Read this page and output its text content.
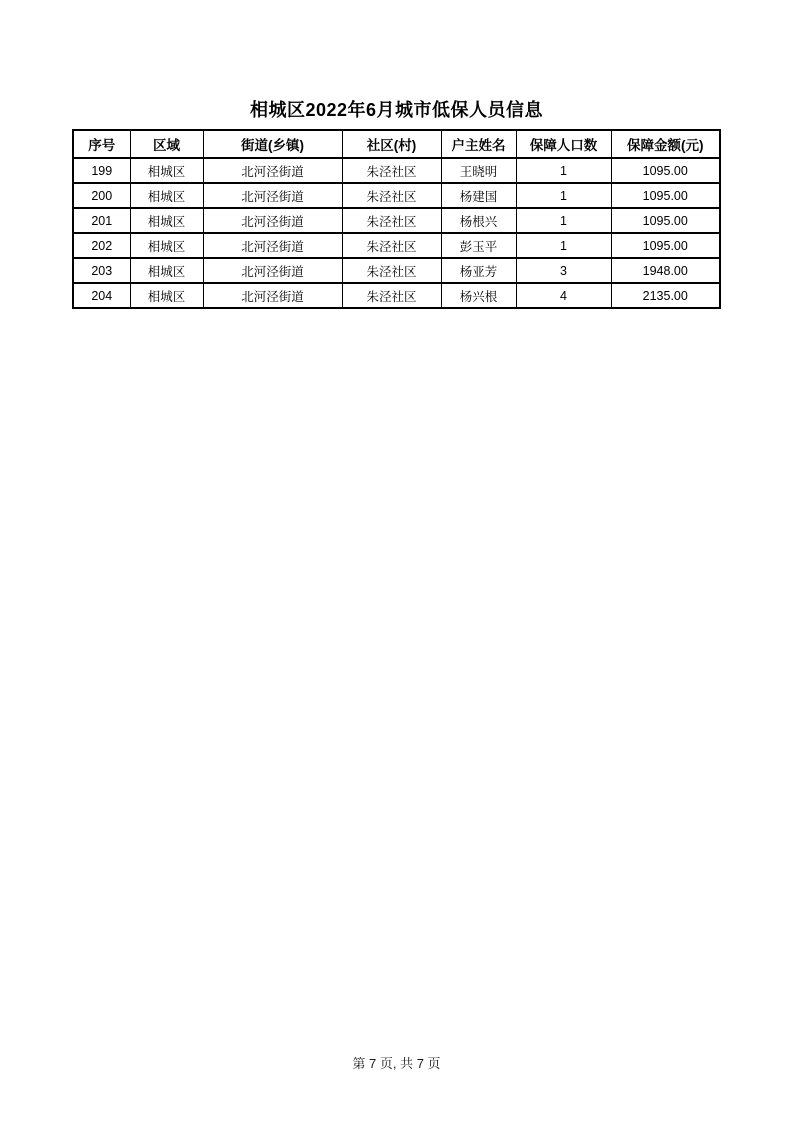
相城区2022年6月城市低保人员信息
序号	区域	街道(乡镇)	社区(村)	户主姓名	保障人口数	保障金额(元)
199	相城区	北河泾街道	朱泾社区	王晓明	1	1095.00
200	相城区	北河泾街道	朱泾社区	杨建国	1	1095.00
201	相城区	北河泾街道	朱泾社区	杨根兴	1	1095.00
202	相城区	北河泾街道	朱泾社区	彭玉平	1	1095.00
203	相城区	北河泾街道	朱泾社区	杨亚芳	3	1948.00
204	相城区	北河泾街道	朱泾社区	杨兴根	4	2135.00
第 7 页, 共 7 页
